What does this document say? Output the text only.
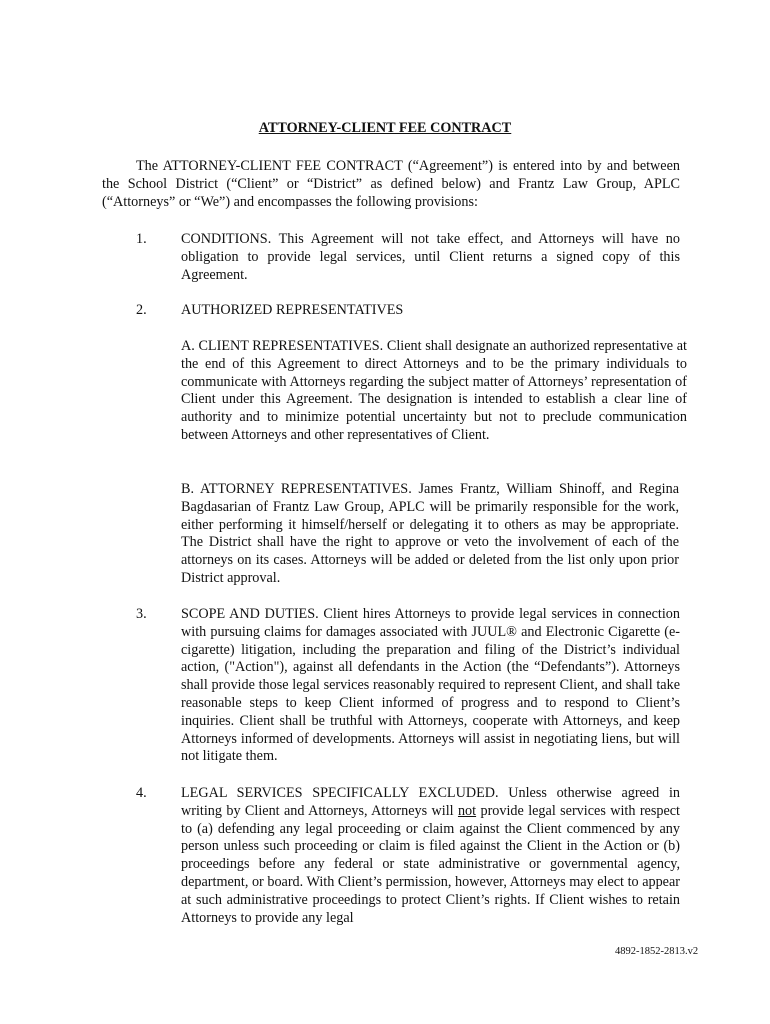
ATTORNEY-CLIENT FEE CONTRACT

The ATTORNEY-CLIENT FEE CONTRACT (“Agreement”) is entered into by and between the School District (“Client” or “District” as defined below) and Frantz Law Group, APLC (“Attorneys” or “We”) and encompasses the following provisions:

1. CONDITIONS. This Agreement will not take effect, and Attorneys will have no obligation to provide legal services, until Client returns a signed copy of this Agreement.
2. AUTHORIZED REPRESENTATIVES

A. CLIENT REPRESENTATIVES. Client shall designate an authorized representative at the end of this Agreement to direct Attorneys and to be the primary individuals to communicate with Attorneys regarding the subject matter of Attorneys’ representation of Client under this Agreement. The designation is intended to establish a clear line of authority and to minimize potential uncertainty but not to preclude communication between Attorneys and other representatives of Client.

B. ATTORNEY REPRESENTATIVES. James Frantz, William Shinoff, and Regina Bagdasarian of Frantz Law Group, APLC will be primarily responsible for the work, either performing it himself/herself or delegating it to others as may be appropriate. The District shall have the right to approve or veto the involvement of each of the attorneys on its cases. Attorneys will be added or deleted from the list only upon prior District approval.

3. SCOPE AND DUTIES. Client hires Attorneys to provide legal services in connection with pursuing claims for damages associated with JUUL® and Electronic Cigarette (e-cigarette) litigation, including the preparation and filing of the District’s individual action, ("Action"), against all defendants in the Action (the “Defendants”). Attorneys shall provide those legal services reasonably required to represent Client, and shall take reasonable steps to keep Client informed of progress and to respond to Client’s inquiries. Client shall be truthful with Attorneys, cooperate with Attorneys, and keep Attorneys informed of developments. Attorneys will assist in negotiating liens, but will not litigate them.
4. LEGAL SERVICES SPECIFICALLY EXCLUDED. Unless otherwise agreed in writing by Client and Attorneys, Attorneys will not provide legal services with respect to (a) defending any legal proceeding or claim against the Client commenced by any person unless such proceeding or claim is filed against the Client in the Action or (b) proceedings before any federal or state administrative or governmental agency, department, or board. With Client’s permission, however, Attorneys may elect to appear at such administrative proceedings to protect Client’s rights. If Client wishes to retain Attorneys to provide any legal
4892-1852-2813.v2
